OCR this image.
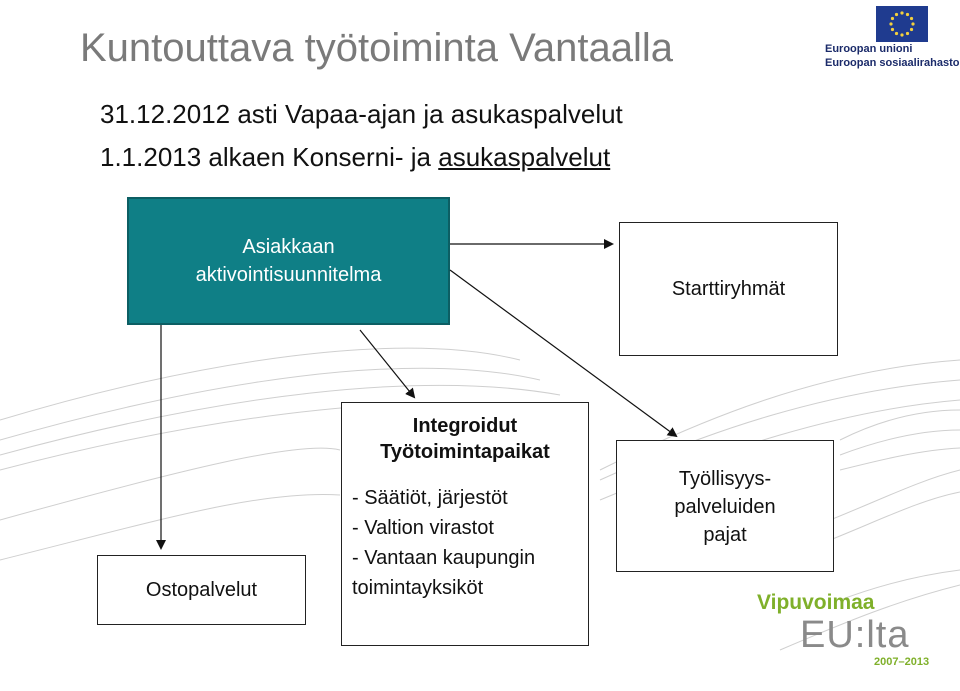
Kuntouttava työtoiminta Vantaalla
31.12.2012 asti Vapaa-ajan ja asukaspalvelut
1.1.2013 alkaen Konserni- ja asukaspalvelut
Euroopan unioni
Euroopan sosiaalirahasto
Asiakkaan
aktivointisuunnitelma
Starttiryhmät
Ostopalvelut
Integroidut
Työtoimintapaikat
- Säätiöt, järjestöt
- Valtion virastot
- Vantaan kaupungin
toimintayksiköt
Työllisyys-
palveluiden
pajat
Vipuvoimaa
EU:lta
2007–2013
